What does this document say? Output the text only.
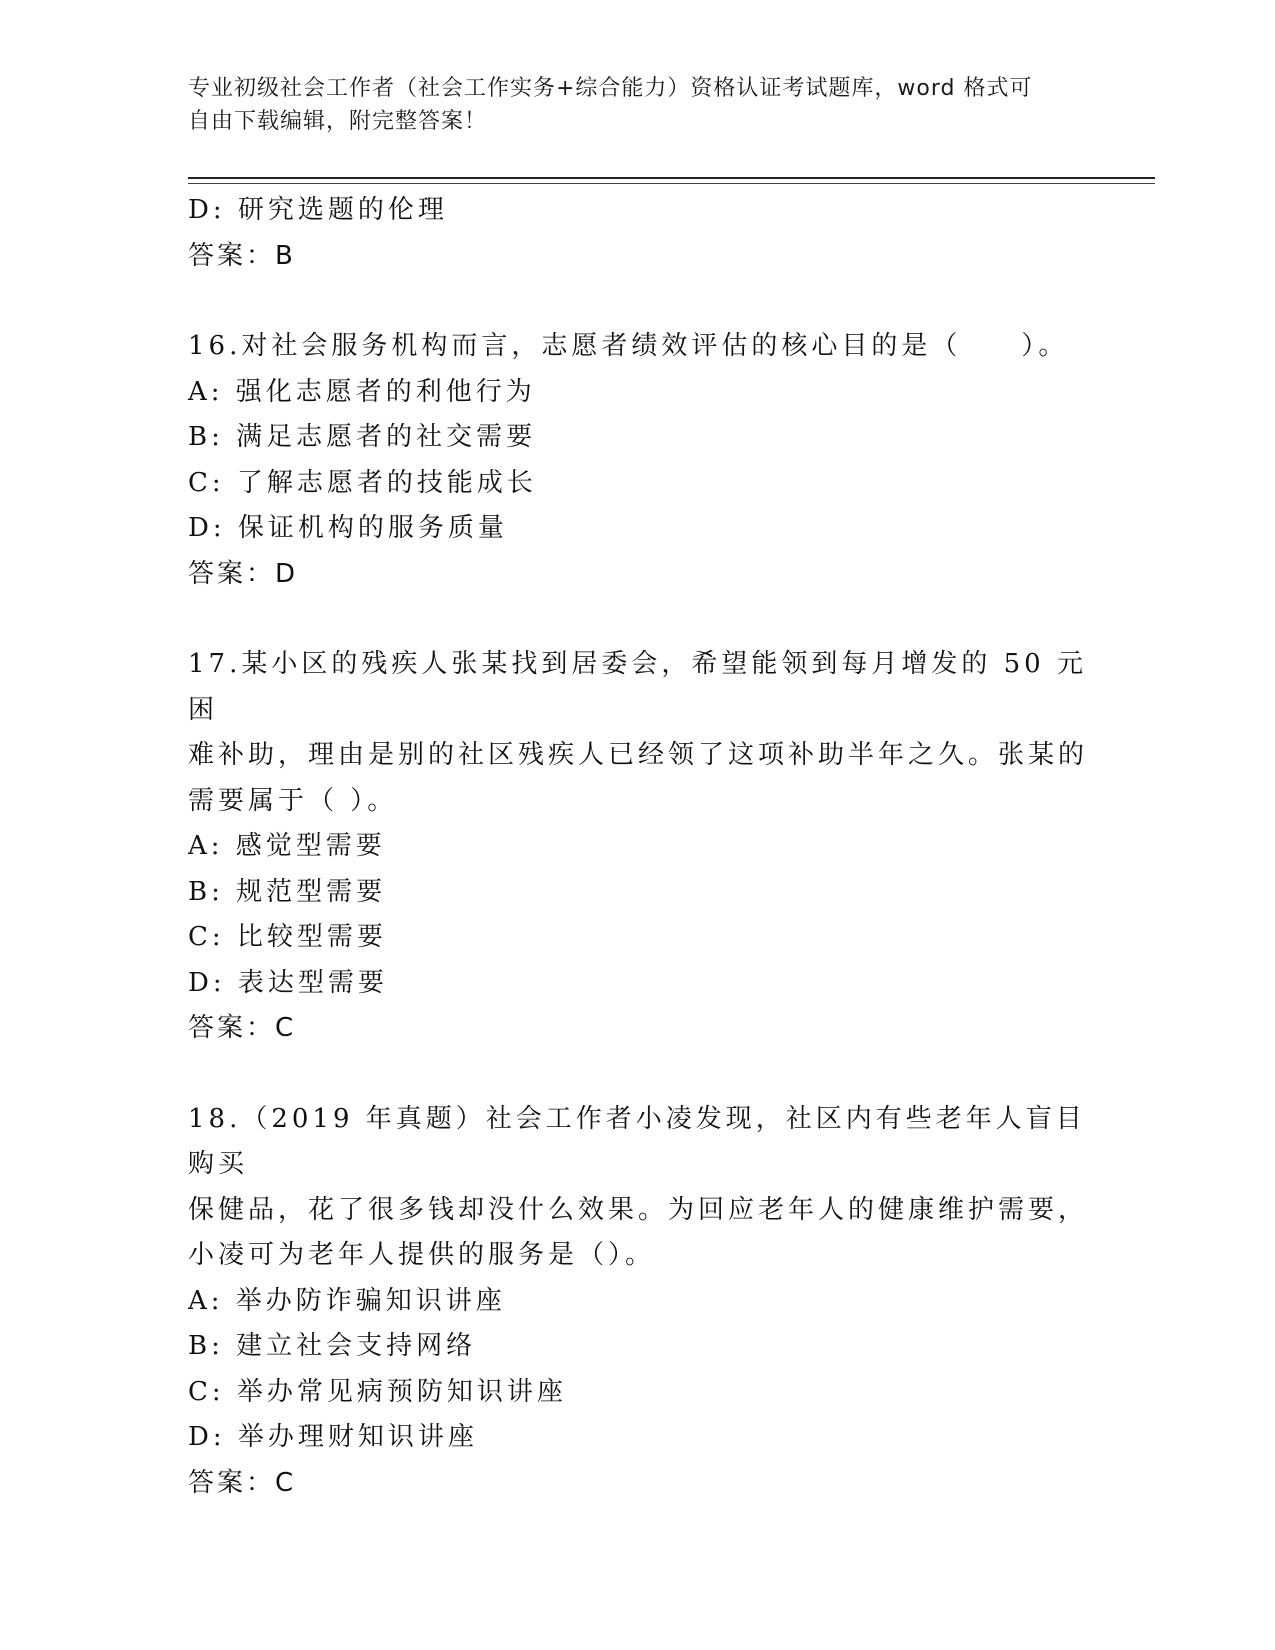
专业初级社会工作者（社会工作实务+综合能力）资格认证考试题库，word 格式可
自由下载编辑，附完整答案！

D: 研究选题的伦理

答案：B

16.对社会服务机构而言，志愿者绩效评估的核心目的是（　　）。

A: 强化志愿者的利他行为

B: 满足志愿者的社交需要

C: 了解志愿者的技能成长

D: 保证机构的服务质量

答案：D

17.某小区的残疾人张某找到居委会，希望能领到每月增发的 50 元困

难补助，理由是别的社区残疾人已经领了这项补助半年之久。张某的

需要属于（ ）。

A: 感觉型需要

B: 规范型需要

C: 比较型需要

D: 表达型需要

答案：C

18.（2019 年真题）社会工作者小凌发现，社区内有些老年人盲目购买

保健品，花了很多钱却没什么效果。为回应老年人的健康维护需要，

小凌可为老年人提供的服务是（）。

A: 举办防诈骗知识讲座

B: 建立社会支持网络

C: 举办常见病预防知识讲座

D: 举办理财知识讲座

答案：C
